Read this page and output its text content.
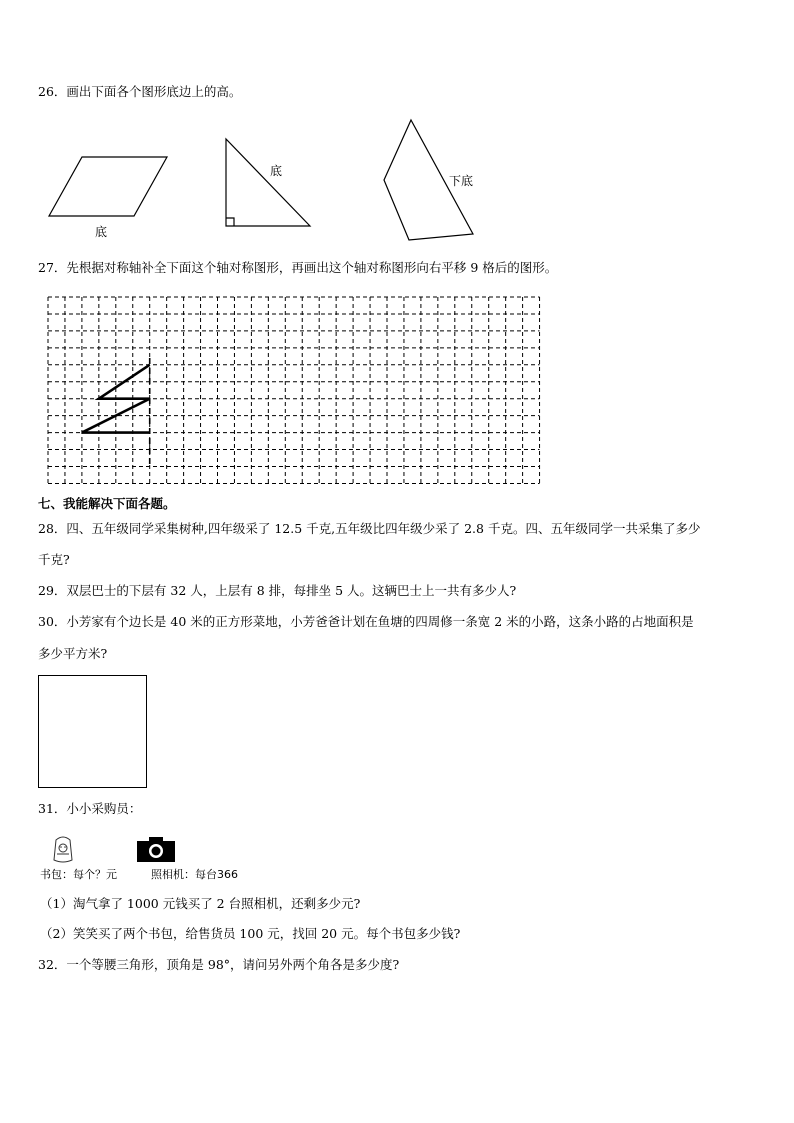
26．画出下面各个图形底边上的高。
底
底
下底
27．先根据对称轴补全下面这个轴对称图形，再画出这个轴对称图形向右平移 9 格后的图形。
七、我能解决下面各题。
28．四、五年级同学采集树种,四年级采了 12.5 千克,五年级比四年级少采了 2.8 千克。四、五年级同学一共采集了多少
千克?
29．双层巴士的下层有 32 人，上层有 8 排，每排坐 5 人。这辆巴士上一共有多少人?
30．小芳家有个边长是 40 米的正方形菜地，小芳爸爸计划在鱼塘的四周修一条宽 2 米的小路，这条小路的占地面积是
多少平方米?
31．小小采购员：
书包：每个？元	照相机：每台366
（1）淘气拿了 1000 元钱买了 2 台照相机，还剩多少元?
（2）笑笑买了两个书包，给售货员 100 元，找回 20 元。每个书包多少钱?
32．一个等腰三角形，顶角是 98°，请问另外两个角各是多少度?
